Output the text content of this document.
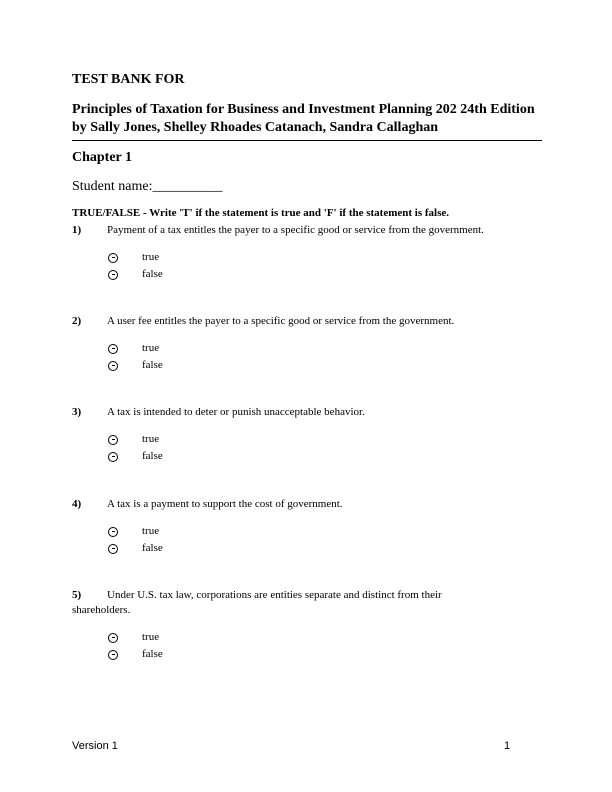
TEST BANK FOR
Principles of Taxation for Business and Investment Planning 202 24th Edition
by Sally Jones, Shelley Rhoades Catanach, Sandra Callaghan
Chapter 1
Student name:__________
TRUE/FALSE - Write 'T' if the statement is true and 'F' if the statement is false.
1) Payment of a tax entitles the payer to a specific good or service from the government.
true
false
2) A user fee entitles the payer to a specific good or service from the government.
true
false
3) A tax is intended to deter or punish unacceptable behavior.
true
false
4) A tax is a payment to support the cost of government.
true
false
5) Under U.S. tax law, corporations are entities separate and distinct from their
shareholders.
true
false
Version 1	1
